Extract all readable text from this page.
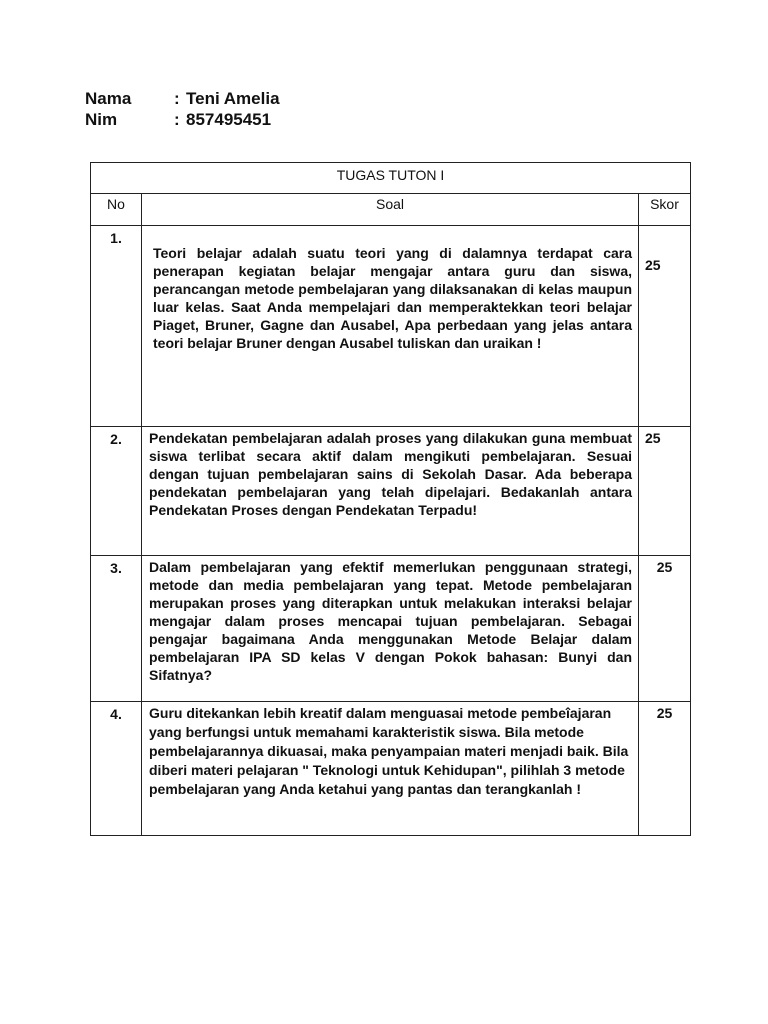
Nama	: Teni Amelia
Nim	: 857495451
TUGAS TUTON I		
No	Soal	Skor
1.	Teori belajar adalah suatu teori yang di dalamnya terdapat cara penerapan kegiatan belajar mengajar antara guru dan siswa, perancangan metode pembelajaran yang dilaksanakan di kelas maupun luar kelas. Saat Anda mempelajari dan memperaktekkan teori belajar Piaget, Bruner, Gagne dan Ausabel, Apa perbedaan yang jelas antara teori belajar Bruner dengan Ausabel tuliskan dan uraikan !	25
2.	Pendekatan pembelajaran adalah proses yang dilakukan guna membuat siswa terlibat secara aktif dalam mengikuti pembelajaran. Sesuai dengan tujuan pembelajaran sains di Sekolah Dasar. Ada beberapa pendekatan pembelajaran yang telah dipelajari. Bedakanlah antara Pendekatan Proses dengan Pendekatan Terpadu!	25
3.	Dalam pembelajaran yang efektif memerlukan penggunaan strategi, metode dan media pembelajaran yang tepat. Metode pembelajaran merupakan proses yang diterapkan untuk melakukan interaksi belajar mengajar dalam proses mencapai tujuan pembelajaran. Sebagai pengajar bagaimana Anda menggunakan Metode Belajar dalam pembelajaran IPA SD kelas V dengan Pokok bahasan: Bunyi dan Sifatnya?	25
4.	Guru ditekankan lebih kreatif dalam menguasai metode pembeîajaran yang berfungsi untuk memahami karakteristik siswa. Bila metode pembelajarannya dikuasai, maka penyampaian materi menjadi baik. Bila diberi materi pelajaran " Teknologi untuk Kehidupan", pilihlah 3 metode pembelajaran yang Anda ketahui yang pantas dan terangkanlah !	25
